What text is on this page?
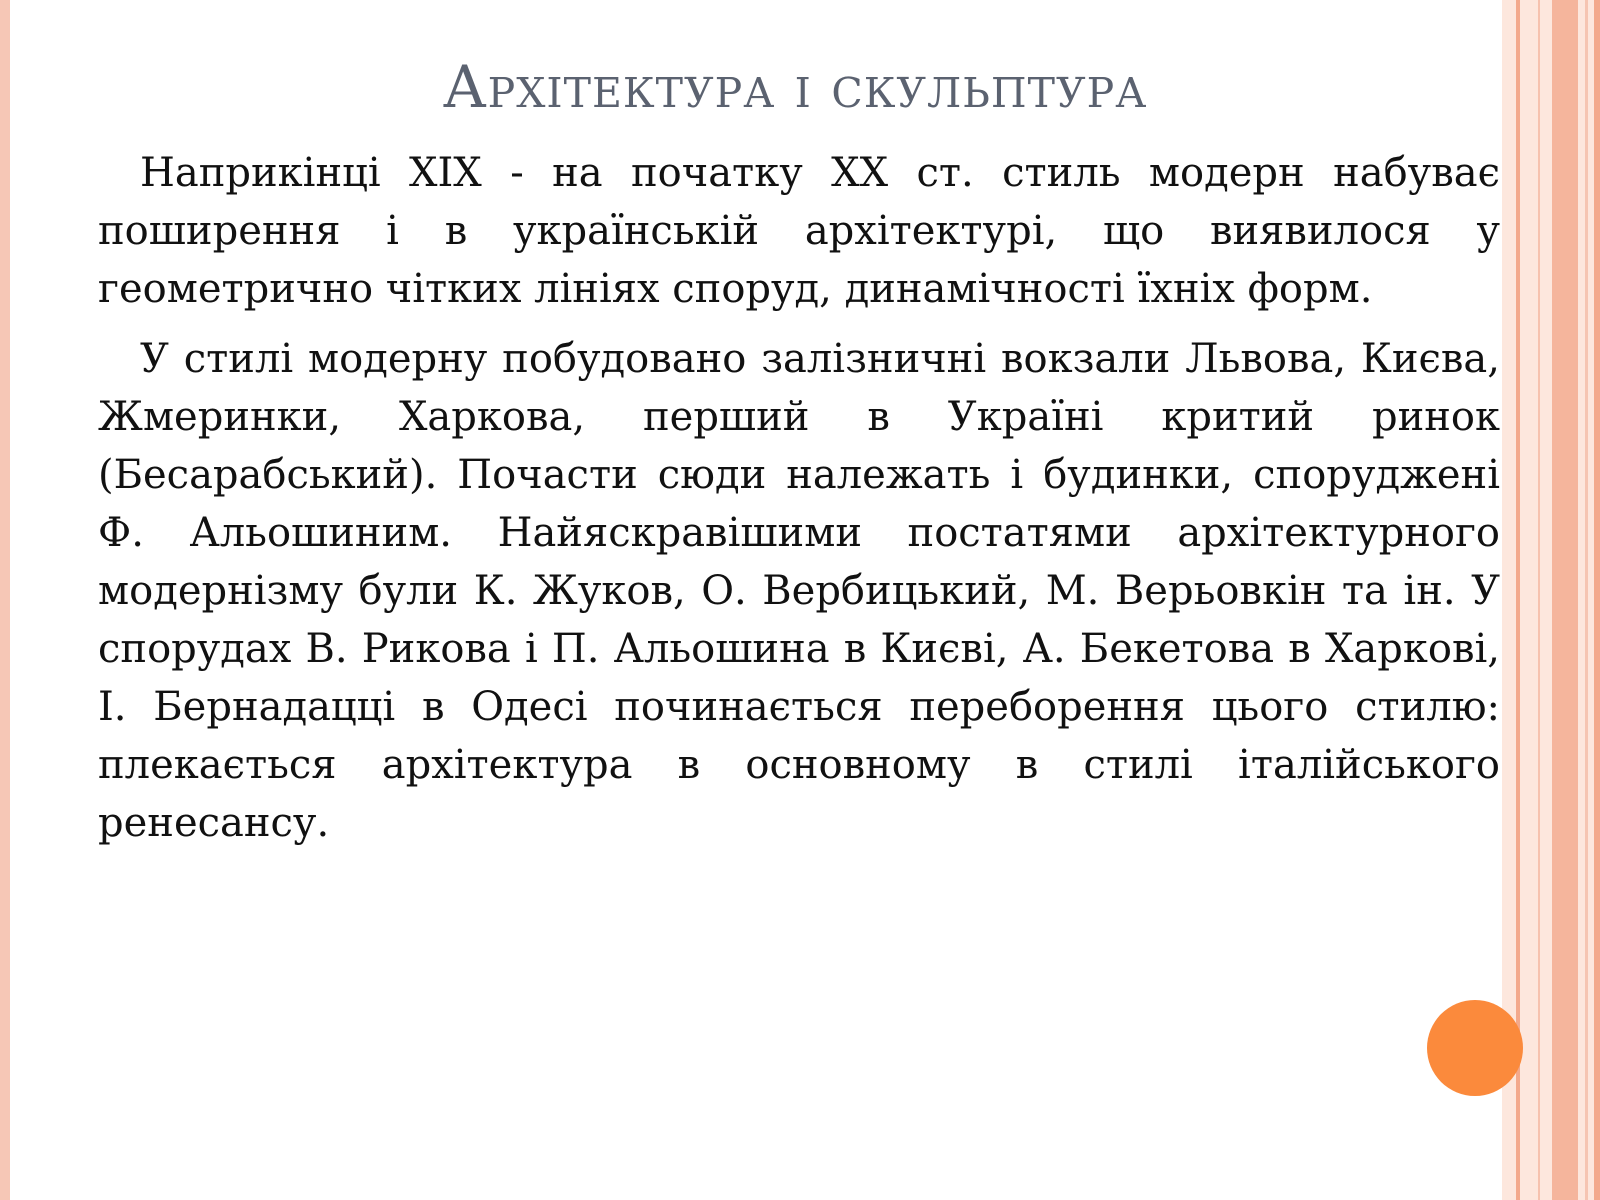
Архітектура і скульптура

Наприкінці XIX - на початку XX ст. стиль модерн набуває поширення і в українській архітектурі, що виявилося у геометрично чітких лініях споруд, динамічності їхніх форм.

У стилі модерну побудовано залізничні вокзали Львова, Києва, Жмеринки, Харкова, перший в Україні критий ринок (Бесарабський). Почасти сюди належать і будинки, споруджені Ф. Альошиним. Найяскравішими постатями архітектурного модернізму були К. Жуков, О. Вербицький, М. Верьовкін та ін. У спорудах В. Рикова і П. Альошина в Києві, А. Бекетова в Харкові, І. Бернадацці в Одесі починається переборення цього стилю: плекається архітектура в основному в стилі італійського ренесансу.
